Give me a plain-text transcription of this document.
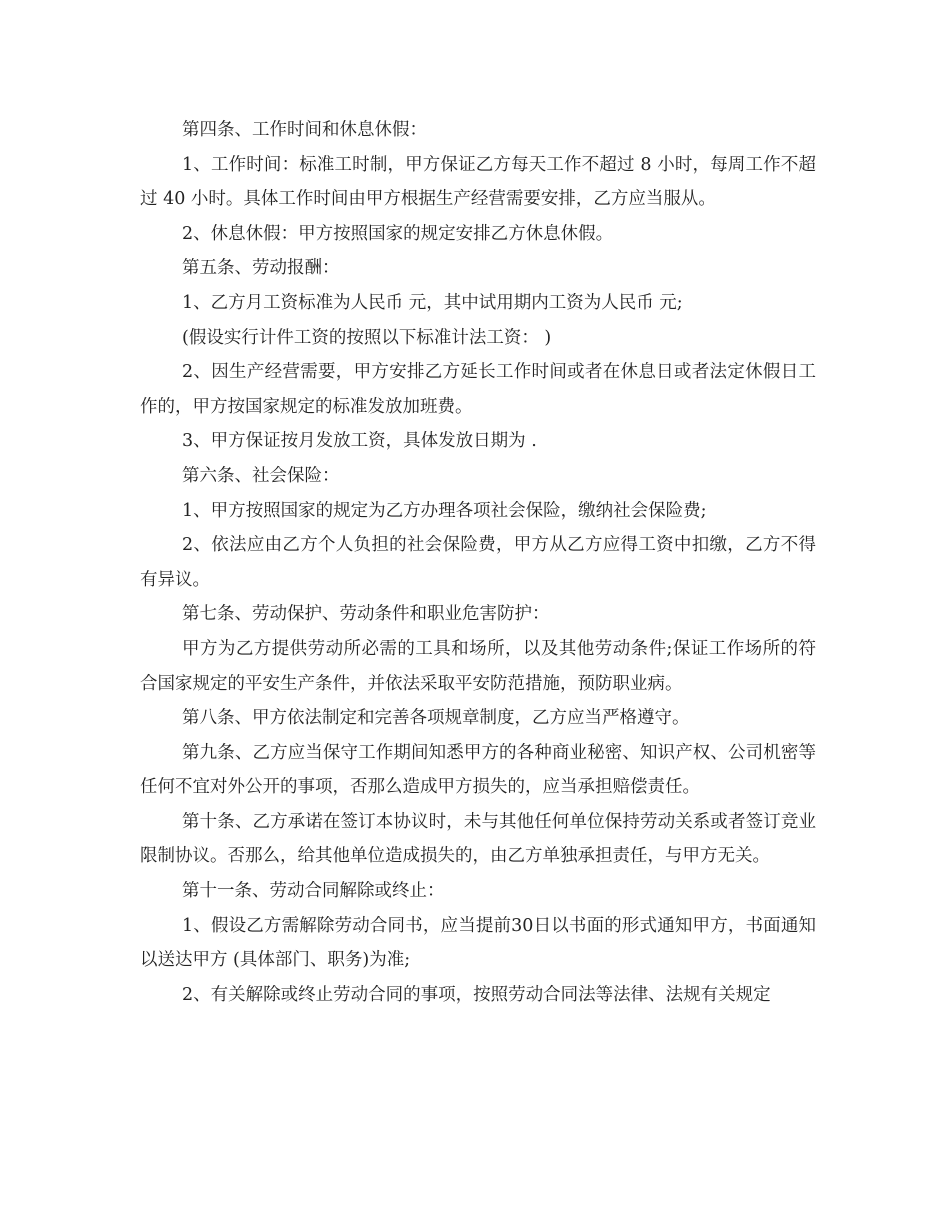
第四条、工作时间和休息休假：

1、工作时间：标准工时制，甲方保证乙方每天工作不超过 8 小时，每周工作不超过 40 小时。具体工作时间由甲方根据生产经营需要安排，乙方应当服从。

2、休息休假：甲方按照国家的规定安排乙方休息休假。

第五条、劳动报酬：

1、乙方月工资标准为人民币 元，其中试用期内工资为人民币 元;

(假设实行计件工资的按照以下标准计法工资： )

2、因生产经营需要，甲方安排乙方延长工作时间或者在休息日或者法定休假日工作的，甲方按国家规定的标准发放加班费。

3、甲方保证按月发放工资，具体发放日期为 .

第六条、社会保险：

1、甲方按照国家的规定为乙方办理各项社会保险，缴纳社会保险费;

2、依法应由乙方个人负担的社会保险费，甲方从乙方应得工资中扣缴，乙方不得有异议。

第七条、劳动保护、劳动条件和职业危害防护：

甲方为乙方提供劳动所必需的工具和场所，以及其他劳动条件;保证工作场所的符合国家规定的平安生产条件，并依法采取平安防范措施，预防职业病。

第八条、甲方依法制定和完善各项规章制度，乙方应当严格遵守。

第九条、乙方应当保守工作期间知悉甲方的各种商业秘密、知识产权、公司机密等任何不宜对外公开的事项，否那么造成甲方损失的，应当承担赔偿责任。

第十条、乙方承诺在签订本协议时，未与其他任何单位保持劳动关系或者签订竞业限制协议。否那么，给其他单位造成损失的，由乙方单独承担责任，与甲方无关。

第十一条、劳动合同解除或终止：

1、假设乙方需解除劳动合同书，应当提前30日以书面的形式通知甲方，书面通知以送达甲方 (具体部门、职务)为准;

2、有关解除或终止劳动合同的事项，按照劳动合同法等法律、法规有关规定
